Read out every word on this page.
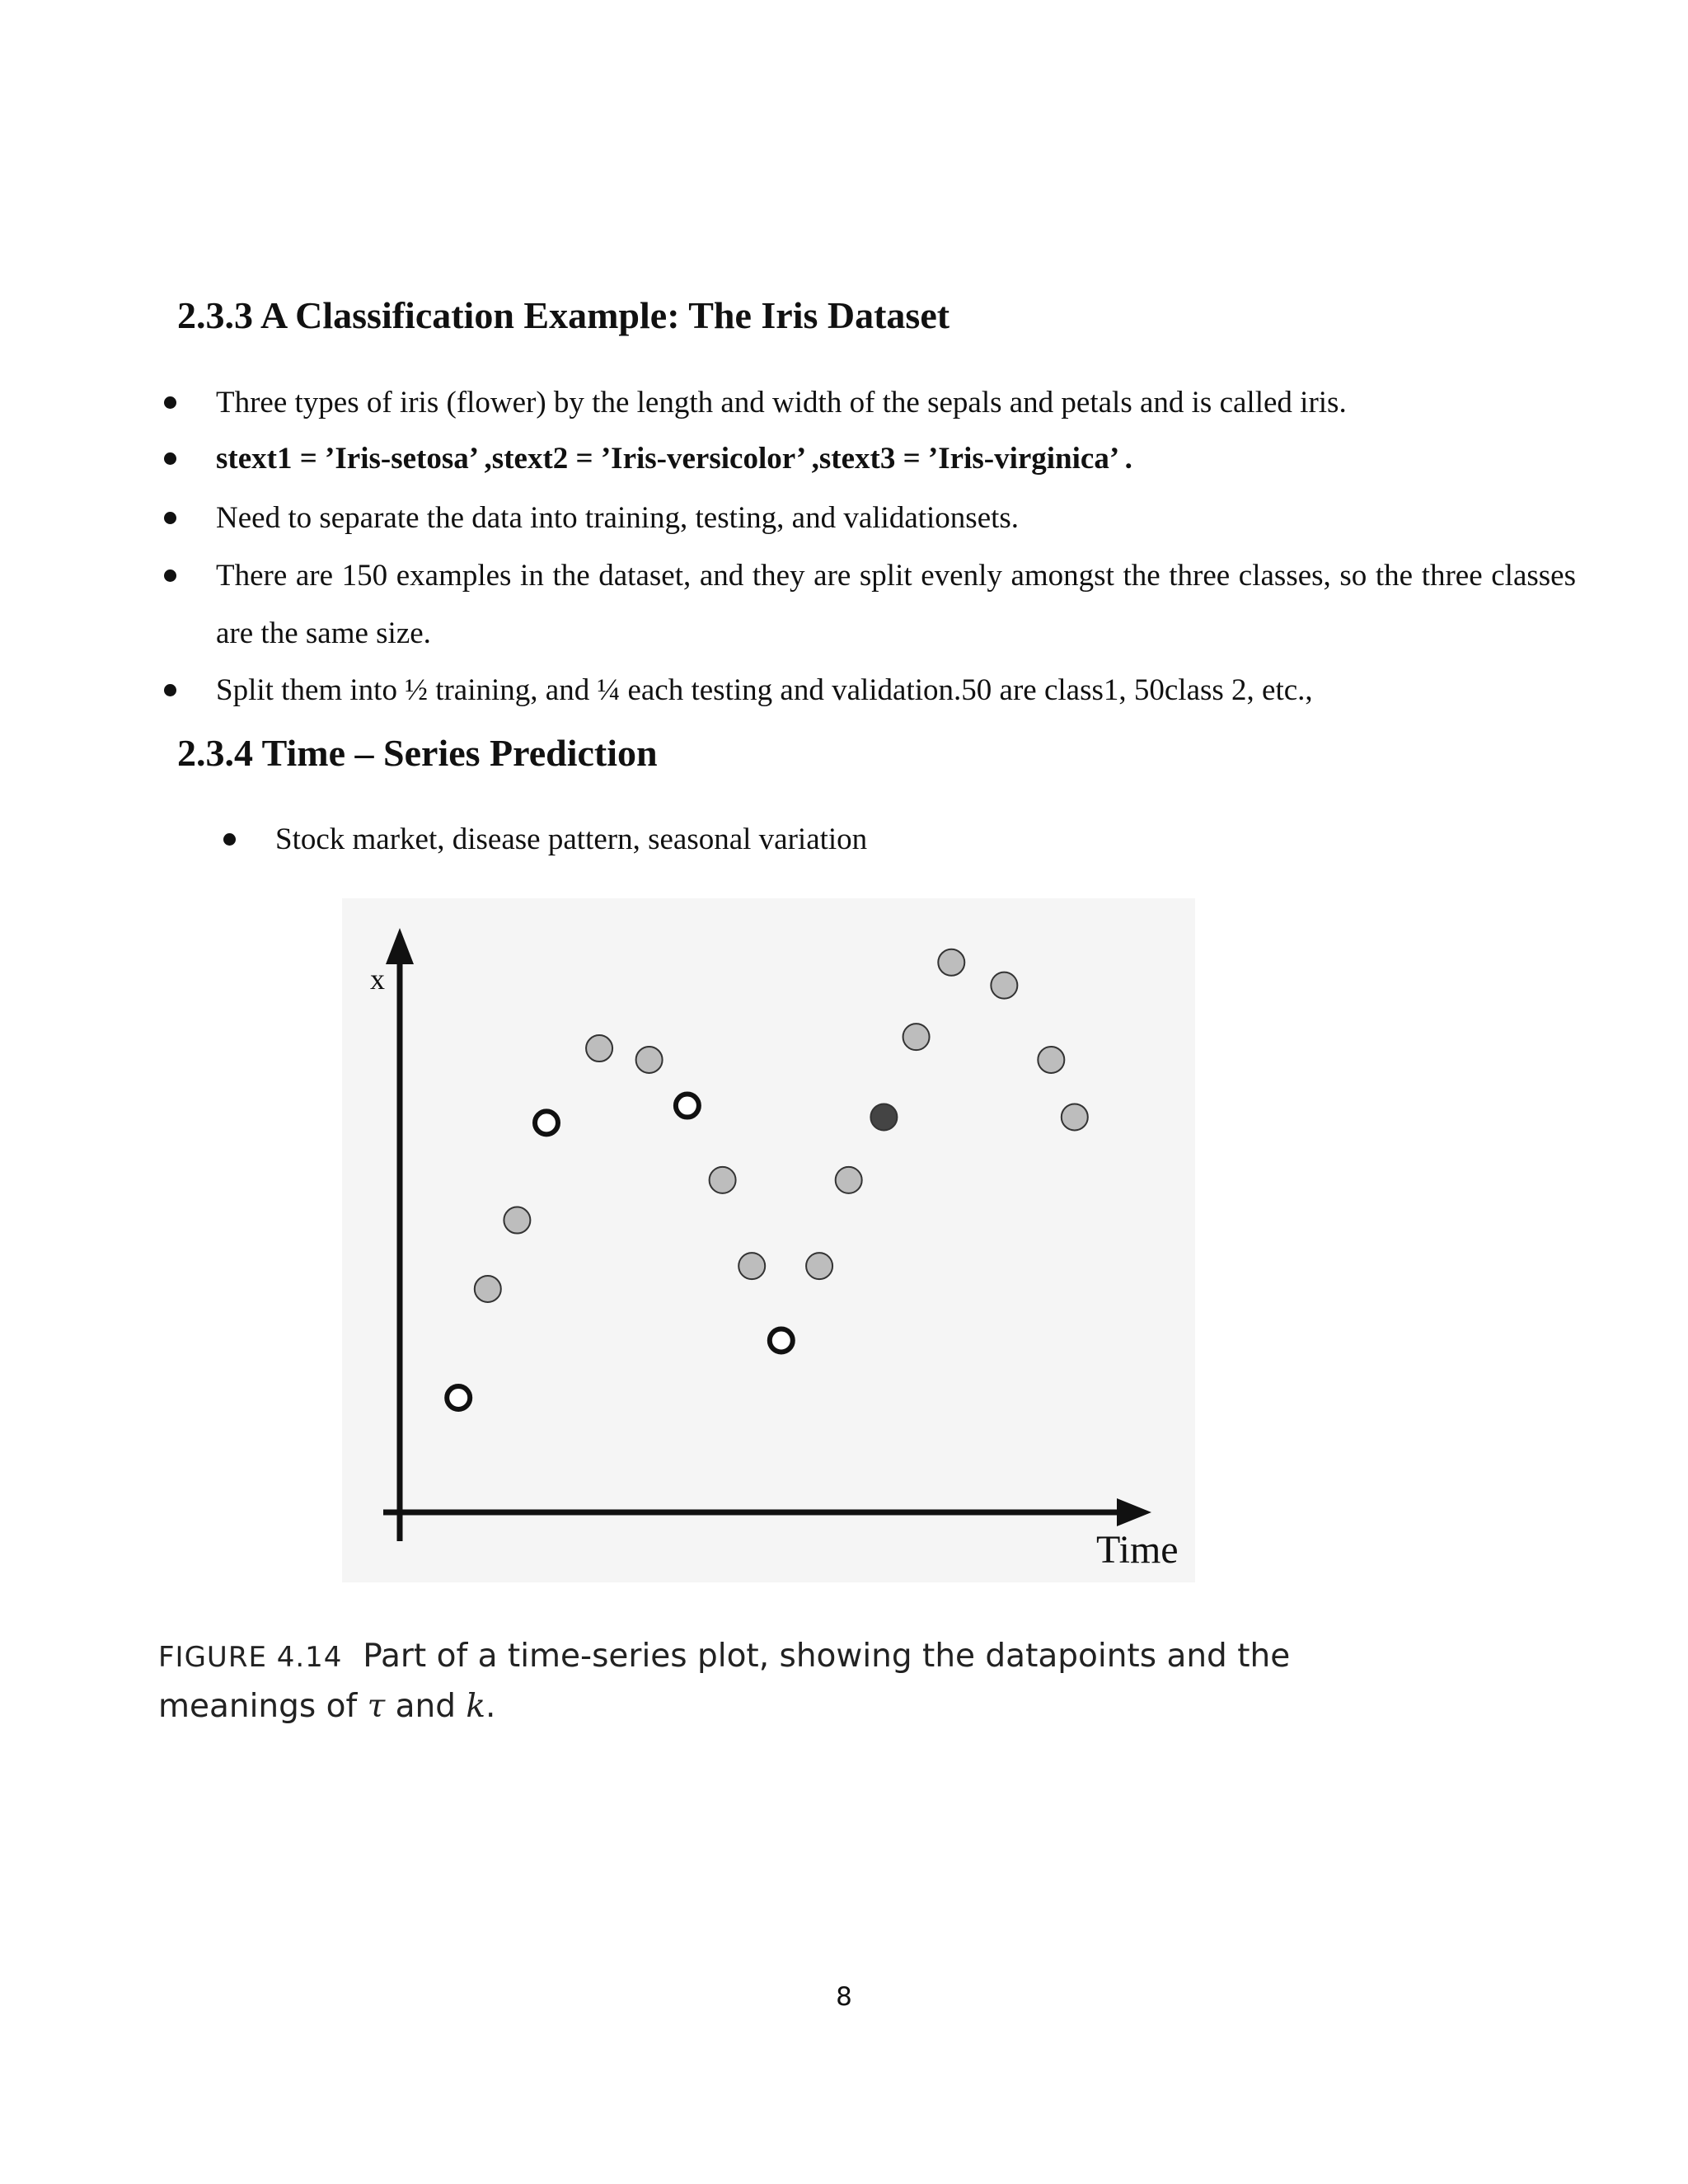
2.3.3 A Classification Example: The Iris Dataset
Three types of iris (flower) by the length and width of the sepals and petals and is called iris.
stext1 = ’Iris-setosa’ ,stext2 = ’Iris-versicolor’ ,stext3 = ’Iris-virginica’ .
Need to separate the data into training, testing, and validationsets.
There are 150 examples in the dataset, and they are split evenly amongst the three classes, so the three classes are the same size.
Split them into ½ training, and ¼ each testing and validation.50 are class1, 50class 2, etc.,
2.3.4 Time – Series Prediction
Stock market, disease pattern, seasonal variation
x
Time
FIGURE 4.14 Part of a time-series plot, showing the datapoints and the meanings of τ and k.
8
